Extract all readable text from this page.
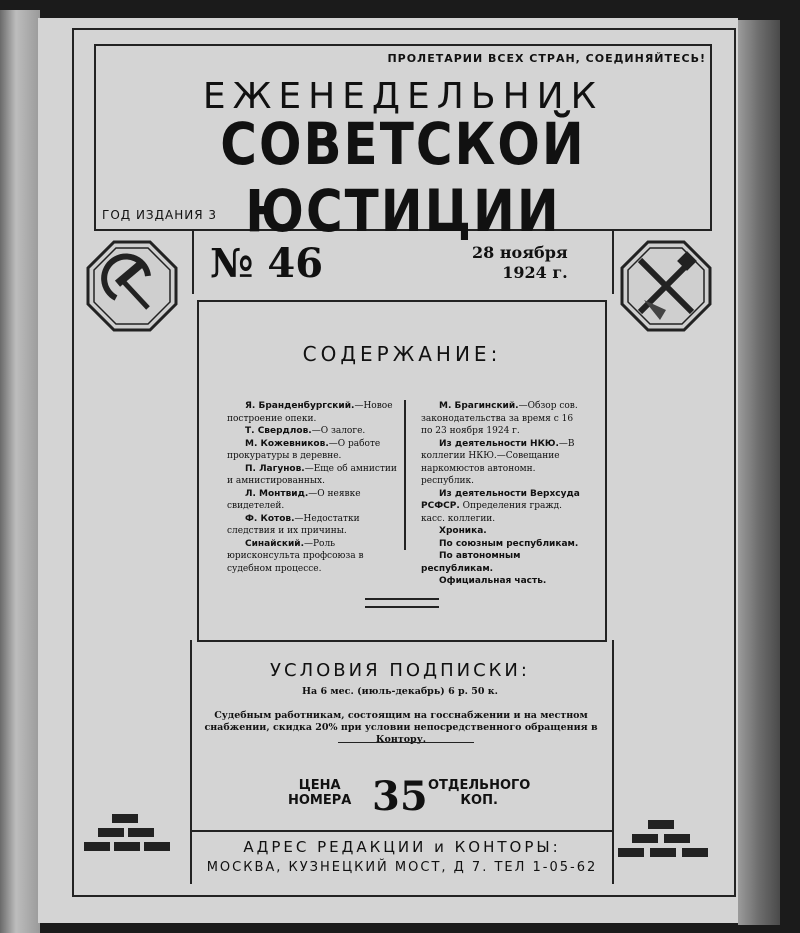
ПРОЛЕТАРИИ ВСЕХ СТРАН, СОЕДИНЯЙТЕСЬ!
ЕЖЕНЕДЕЛЬНИК
СОВЕТСКОЙ ЮСТИЦИИ
ГОД ИЗДАНИЯ 3
№ 46	28 ноября
1924 г.
СОДЕРЖАНИЕ:

Я. Бранденбургский.—Новое построение опеки.

Т. Свердлов.—О залоге.

М. Кожевников.—О работе прокуратуры в деревне.

П. Лагунов.—Еще об амнистии и амнистированных.

Л. Монтвид.—О неявке свидетелей.

Ф. Котов.—Недостатки следствия и их причины.

Синайский.—Роль юрисконсульта профсоюза в судебном процессе.

М. Брагинский.—Обзор сов. законодательства за время с 16 по 23 ноября 1924 г.

Из деятельности НКЮ.—В коллегии НКЮ.—Совещание наркомюстов автономн. республик.

Из деятельности Верхсуда РСФСР. Определения гражд. касс. коллегии.

Хроника.

По союзным республикам.

По автономным республикам.

Официальная часть.

УСЛОВИЯ ПОДПИСКИ:
На 6 мес. (июль-декабрь) 6 р. 50 к.
Судебным работникам, состоящим на госснабжении и на местном снабжении, скидка 20% при условии непосредственного обращения в Контору.
ЦЕНА
НОМЕРА 35 ОТДЕЛЬНОГО
КОП.
АДРЕС РЕДАКЦИИ и КОНТОРЫ:
МОСКВА, КУЗНЕЦКИЙ МОСТ, Д 7. ТЕЛ 1-05-62
